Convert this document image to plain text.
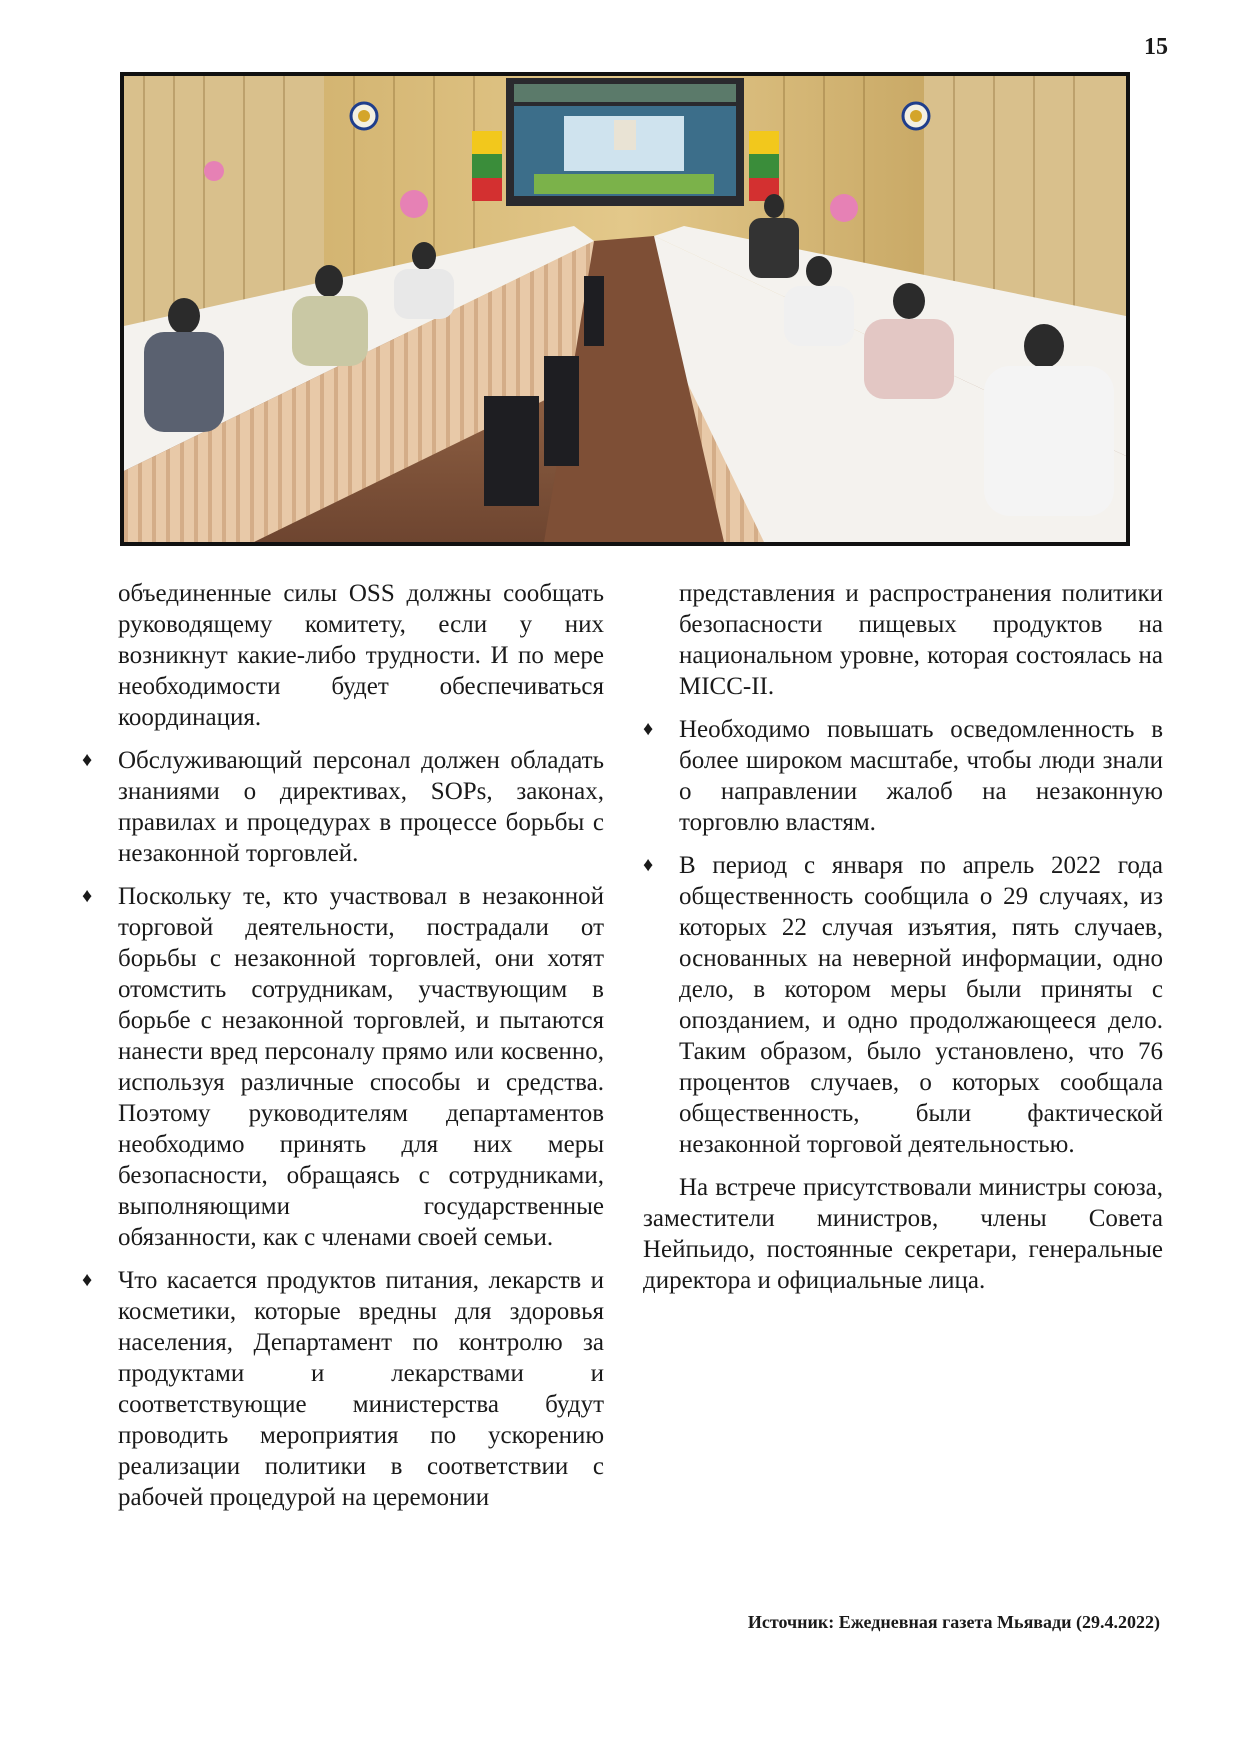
15

объединенные силы OSS должны сообщать руководящему комитету, если у них возникнут какие-либо трудности. И по мере необходимости будет обеспечиваться координация.

♦ Обслуживающий персонал должен обладать знаниями о директивах, SOPs, законах, правилах и процедурах в процессе борьбы с незаконной торговлей.
♦ Поскольку те, кто участвовал в незаконной торговой деятельности, пострадали от борьбы с незаконной торговлей, они хотят отомстить сотрудникам, участвующим в борьбе с незаконной торговлей, и пытаются нанести вред персоналу прямо или косвенно, используя различные способы и средства. Поэтому руководителям департаментов необходимо принять для них меры безопасности, обращаясь с сотрудниками, выполняющими государственные обязанности, как с членами своей семьи.
♦ Что касается продуктов питания, лекарств и косметики, которые вредны для здоровья населения, Департамент по контролю за продуктами и лекарствами и соответствующие министерства будут проводить мероприятия по ускорению реализации политики в соответствии с рабочей процедурой на церемонии

представления и распространения политики безопасности пищевых продуктов на национальном уровне, которая состоялась на MICC-II.

♦ Необходимо повышать осведомленность в более широком масштабе, чтобы люди знали о направлении жалоб на незаконную торговлю властям.
♦ В период с января по апрель 2022 года общественность сообщила о 29 случаях, из которых 22 случая изъятия, пять случаев, основанных на неверной информации, одно дело, в котором меры были приняты с опозданием, и одно продолжающееся дело. Таким образом, было установлено, что 76 процентов случаев, о которых сообщала общественность, были фактической незаконной торговой деятельностью.

На встрече присутствовали министры союза, заместители министров, члены Совета Нейпьидо, постоянные секретари, генеральные директора и официальные лица.

Источник: Ежедневная газета Мьявади (29.4.2022)
